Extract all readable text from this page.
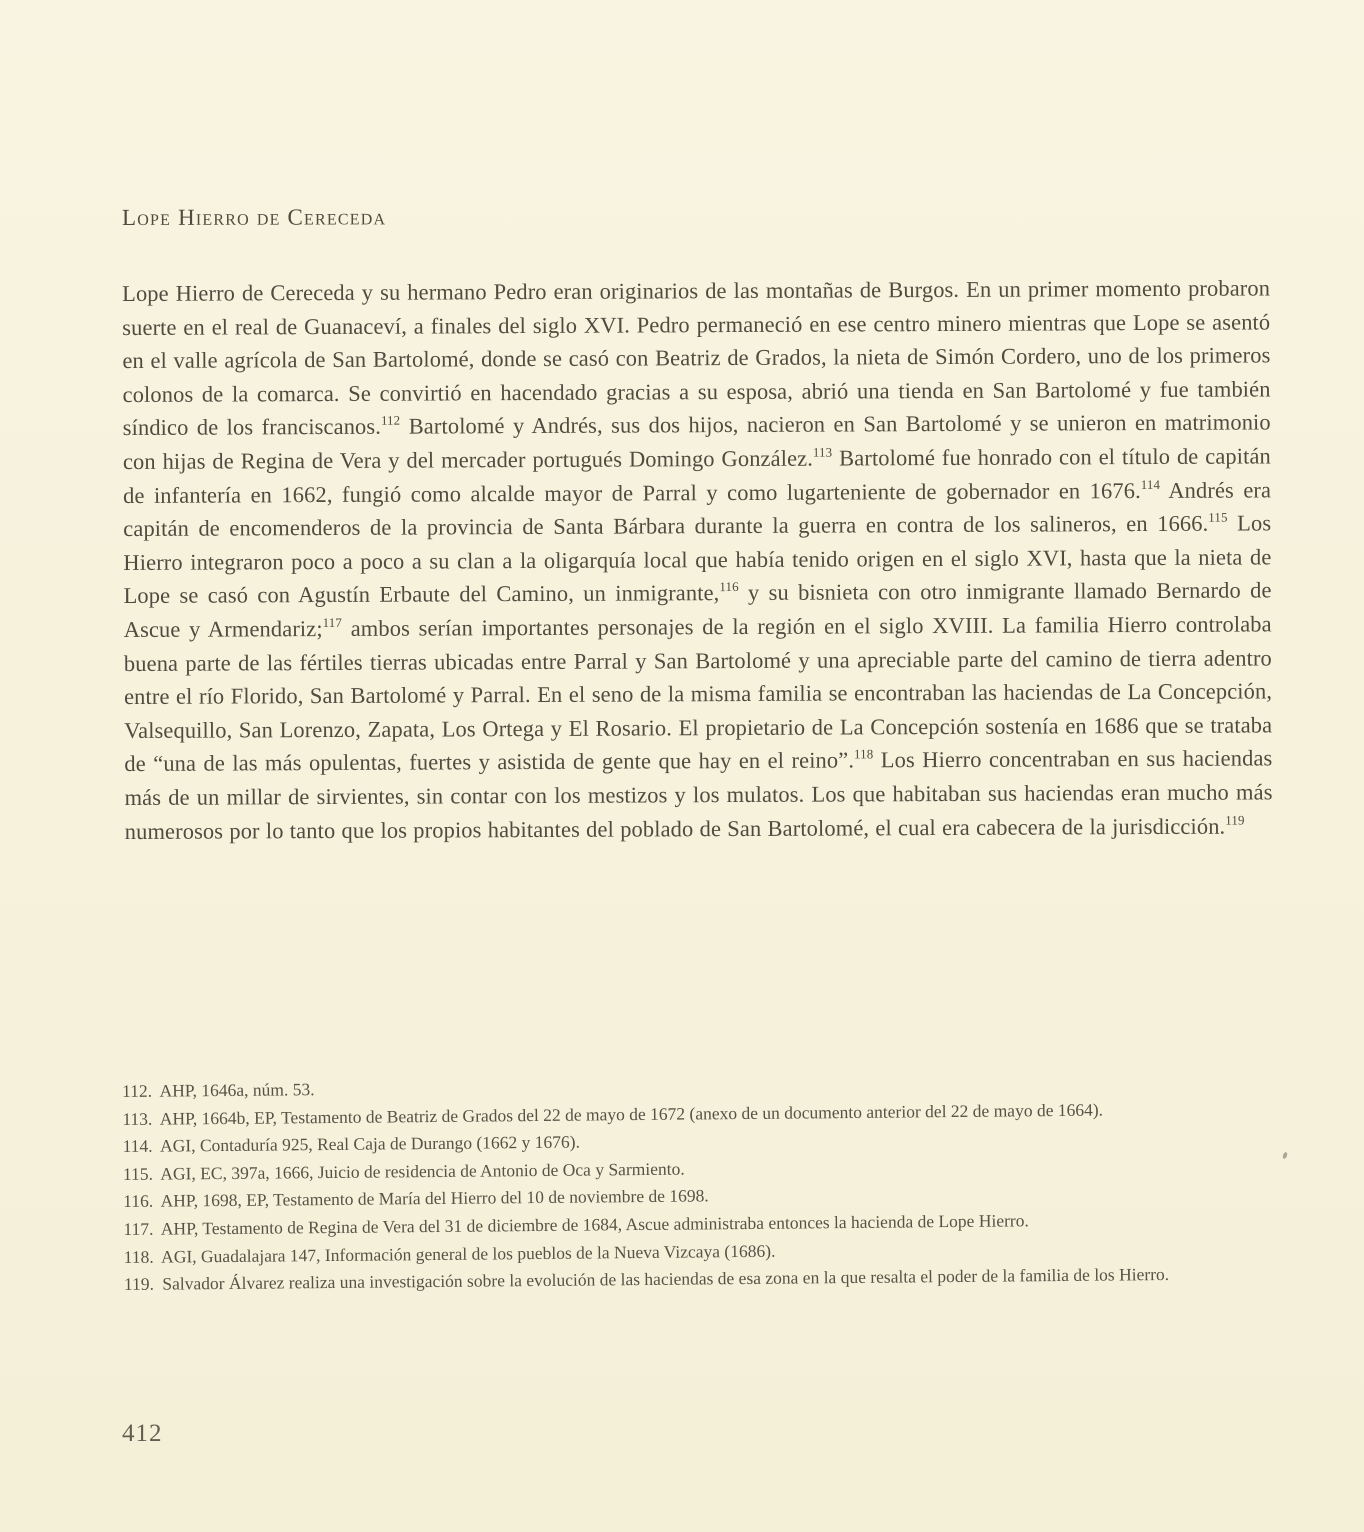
Lope Hierro de Cereceda

Lope Hierro de Cereceda y su hermano Pedro eran originarios de las montañas de Burgos. En un primer momento probaron suerte en el real de Guanaceví, a finales del siglo XVI. Pedro permaneció en ese centro minero mientras que Lope se asentó en el valle agrícola de San Bartolomé, donde se casó con Beatriz de Grados, la nieta de Simón Cordero, uno de los primeros colonos de la comarca. Se convirtió en hacendado gracias a su esposa, abrió una tienda en San Bartolomé y fue también síndico de los franciscanos.$^{112}$ Bartolomé y Andrés, sus dos hijos, nacieron en San Bartolomé y se unieron en matrimonio con hijas de Regina de Vera y del mercader portugués Domingo González.$^{113}$ Bartolomé fue honrado con el título de capitán de infantería en 1662, fungió como alcalde mayor de Parral y como lugarteniente de gobernador en 1676.$^{114}$ Andrés era capitán de encomenderos de la provincia de Santa Bárbara durante la guerra en contra de los salineros, en 1666.$^{115}$ Los Hierro integraron poco a poco a su clan a la oligarquía local que había tenido origen en el siglo XVI, hasta que la nieta de Lope se casó con Agustín Erbaute del Camino, un inmigrante,$^{116}$ y su bisnieta con otro inmigrante llamado Bernardo de Ascue y Armendariz;$^{117}$ ambos serían importantes personajes de la región en el siglo XVIII. La familia Hierro controlaba buena parte de las fértiles tierras ubicadas entre Parral y San Bartolomé y una apreciable parte del camino de tierra adentro entre el río Florido, San Bartolomé y Parral. En el seno de la misma familia se encontraban las haciendas de La Concepción, Valsequillo, San Lorenzo, Zapata, Los Ortega y El Rosario. El propietario de La Concepción sostenía en 1686 que se trataba de “una de las más opulentas, fuertes y asistida de gente que hay en el reino”.$^{118}$ Los Hierro concentraban en sus haciendas más de un millar de sirvientes, sin contar con los mestizos y los mulatos. Los que habitaban sus haciendas eran mucho más numerosos por lo tanto que los propios habitantes del poblado de San Bartolomé, el cual era cabecera de la jurisdicción.$^{119}$

112. AHP, 1646a, núm. 53.
113. AHP, 1664b, EP, Testamento de Beatriz de Grados del 22 de mayo de 1672 (anexo de un documento anterior del 22 de mayo de 1664).
114. AGI, Contaduría 925, Real Caja de Durango (1662 y 1676).
115. AGI, EC, 397a, 1666, Juicio de residencia de Antonio de Oca y Sarmiento.
116. AHP, 1698, EP, Testamento de María del Hierro del 10 de noviembre de 1698.
117. AHP, Testamento de Regina de Vera del 31 de diciembre de 1684, Ascue administraba entonces la hacienda de Lope Hierro.
118. AGI, Guadalajara 147, Información general de los pueblos de la Nueva Vizcaya (1686).
119. Salvador Álvarez realiza una investigación sobre la evolución de las haciendas de esa zona en la que resalta el poder de la familia de los Hierro.
412
